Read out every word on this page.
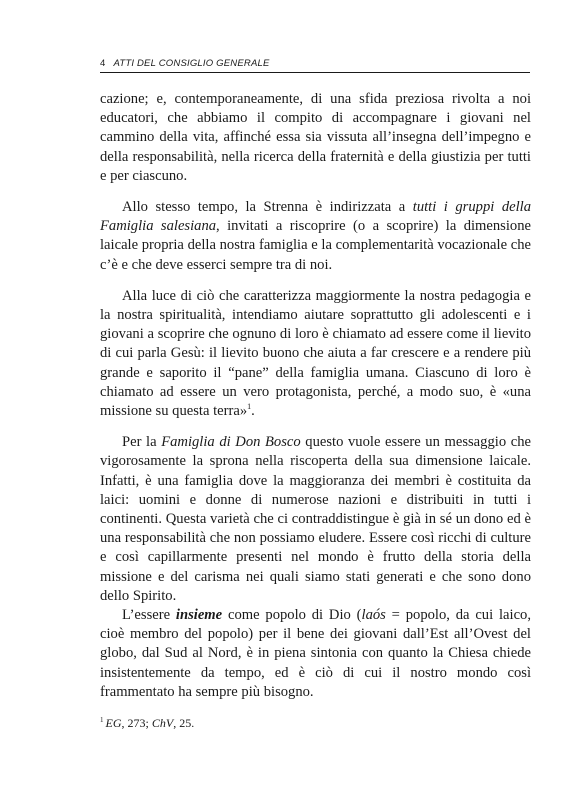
4 ATTI DEL CONSIGLIO GENERALE

cazione; e, contemporaneamente, di una sfida preziosa rivolta a noi educatori, che abbiamo il compito di accompagnare i giovani nel cammino della vita, affinché essa sia vissuta all’insegna dell’impegno e della responsabilità, nella ricerca della fraternità e della giustizia per tutti e per ciascuno.

Allo stesso tempo, la Strenna è indirizzata a tutti i gruppi della Famiglia salesiana, invitati a riscoprire (o a scoprire) la dimensione laicale propria della nostra famiglia e la complementarità vocazionale che c’è e che deve esserci sempre tra di noi.

Alla luce di ciò che caratterizza maggiormente la nostra pedagogia e la nostra spiritualità, intendiamo aiutare soprattutto gli adolescenti e i giovani a scoprire che ognuno di loro è chiamato ad essere come il lievito di cui parla Gesù: il lievito buono che aiuta a far crescere e a rendere più grande e saporito il “pane” della famiglia umana. Ciascuno di loro è chiamato ad essere un vero protagonista, perché, a modo suo, è «una missione su questa terra»$^1$.

Per la Famiglia di Don Bosco questo vuole essere un messaggio che vigorosamente la sprona nella riscoperta della sua dimensione laicale. Infatti, è una famiglia dove la maggioranza dei membri è costituita da laici: uomini e donne di numerose nazioni e distribuiti in tutti i continenti. Questa varietà che ci contraddistingue è già in sé un dono ed è una responsabilità che non possiamo eludere. Essere così ricchi di culture e così capillarmente presenti nel mondo è frutto della storia della missione e del carisma nei quali siamo stati generati e che sono dono dello Spirito.

L’essere insieme come popolo di Dio (laós = popolo, da cui laico, cioè membro del popolo) per il bene dei giovani dall’Est all’Ovest del globo, dal Sud al Nord, è in piena sintonia con quanto la Chiesa chiede insistentemente da tempo, ed è ciò di cui il nostro mondo così frammentato ha sempre più bisogno.

$^1$ EG, 273; ChV, 25.
